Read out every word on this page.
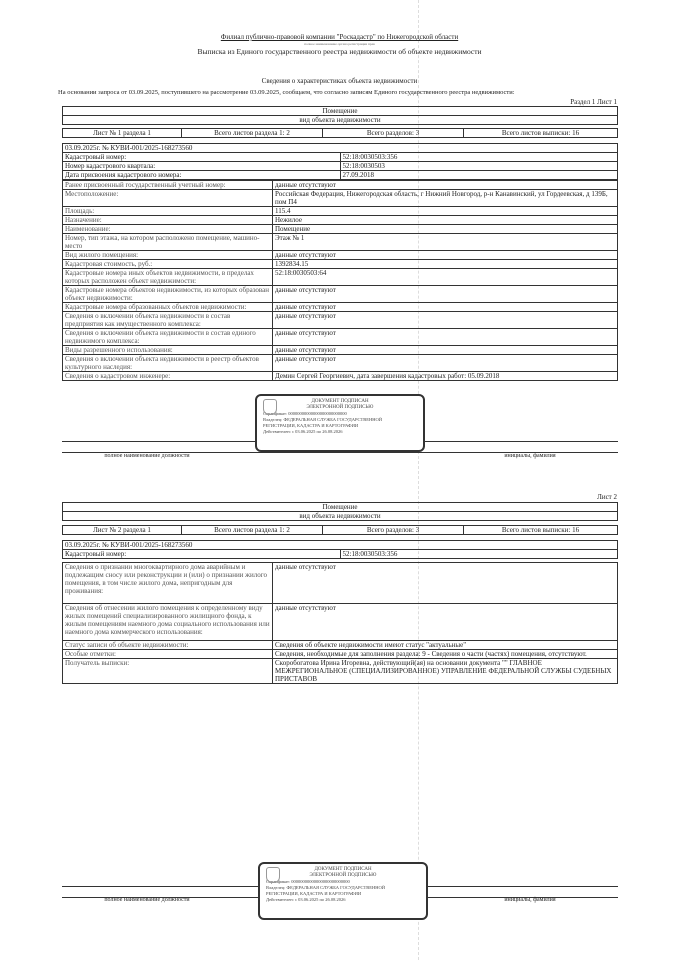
Филиал публично-правовой компании "Роскадастр" по Нижегородской области
полное наименование органа регистрации прав
Выписка из Единого государственного реестра недвижимости об объекте недвижимости
Сведения о характеристиках объекта недвижимости
На основании запроса от 03.09.2025, поступившего на рассмотрение 03.09.2025, сообщаем, что согласно записям Единого государственного реестра недвижимости:
Раздел 1 Лист 1
Помещение
вид объекта недвижимости
Лист № 1 раздела 1	Всего листов раздела 1: 2	Всего разделов: 3	Всего листов выписки: 16
03.09.2025г. № КУВИ-001/2025-168273560	
Кадастровый номер:	52:18:0030503:356
Номер кадастрового квартала:	52:18:0030503
Дата присвоения кадастрового номера:	27.09.2018
Ранее присвоенный государственный учетный номер:	данные отсутствуют
Местоположение:	Российская Федерация, Нижегородская область, г Нижний Новгород, р-н Канавинский, ул Гордеевская, д 139Б, пом П4
Площадь:	115.4
Назначение:	Нежилое
Наименование:	Помещение
Номер, тип этажа, на котором расположено помещение, машино-место	Этаж № 1
Вид жилого помещения:	данные отсутствуют
Кадастровая стоимость, руб.:	1392834.15
Кадастровые номера иных объектов недвижимости, в пределах которых расположен объект недвижимости:	52:18:0030503:64
Кадастровые номера объектов недвижимости, из которых образован объект недвижимости:	данные отсутствуют
Кадастровые номера образованных объектов недвижимости:	данные отсутствуют
Сведения о включении объекта недвижимости в состав предприятия как имущественного комплекса:	данные отсутствуют
Сведения о включении объекта недвижимости в состав единого недвижимого комплекса:	данные отсутствуют
Виды разрешенного использования:	данные отсутствуют
Сведения о включении объекта недвижимости в реестр объектов культурного наследия:	данные отсутствуют
Сведения о кадастровом инженере:	Демин Сергей Георгиевич, дата завершения кадастровых работ: 05.09.2018
полное наименование должности	инициалы, фамилия
ДОКУМЕНТ ПОДПИСАН
ЭЛЕКТРОННОЙ ПОДПИСЬЮ
Сертификат: 00000000000000000000000000
Владелец: ФЕДЕРАЛЬНАЯ СЛУЖБА ГОСУДАРСТВЕННОЙ
РЕГИСТРАЦИИ, КАДАСТРА И КАРТОГРАФИИ
Действителен: с 03.06.2025 по 26.08.2026
Лист 2
Помещение
вид объекта недвижимости
Лист № 2 раздела 1	Всего листов раздела 1: 2	Всего разделов: 3	Всего листов выписки: 16
03.09.2025г. № КУВИ-001/2025-168273560
Кадастровый номер:	52:18:0030503:356
Сведения о признании многоквартирного дома аварийным и подлежащим сносу или реконструкции и (или) о признании жилого помещения, в том числе жилого дома, непригодным для проживания:	данные отсутствуют
Сведения об отнесении жилого помещения к определенному виду жилых помещений специализированного жилищного фонда, к жилым помещениям наемного дома социального использования или наемного дома коммерческого использования:	данные отсутствуют
Статус записи об объекте недвижимости:	Сведения об объекте недвижимости имеют статус "актуальные"
Особые отметки:	Сведения, необходимые для заполнения раздела: 9 - Сведения о части (частях) помещения, отсутствуют.
Получатель выписки:	Скоробогатова Ирина Игоревна, действующий(ая) на основании документа "" ГЛАВНОЕ МЕЖРЕГИОНАЛЬНОЕ (СПЕЦИАЛИЗИРОВАННОЕ) УПРАВЛЕНИЕ ФЕДЕРАЛЬНОЙ СЛУЖБЫ СУДЕБНЫХ ПРИСТАВОВ
полное наименование должности	инициалы, фамилия
ДОКУМЕНТ ПОДПИСАН
ЭЛЕКТРОННОЙ ПОДПИСЬЮ
Сертификат: 00000000000000000000000000
Владелец: ФЕДЕРАЛЬНАЯ СЛУЖБА ГОСУДАРСТВЕННОЙ
РЕГИСТРАЦИИ, КАДАСТРА И КАРТОГРАФИИ
Действителен: с 03.06.2025 по 26.08.2026
